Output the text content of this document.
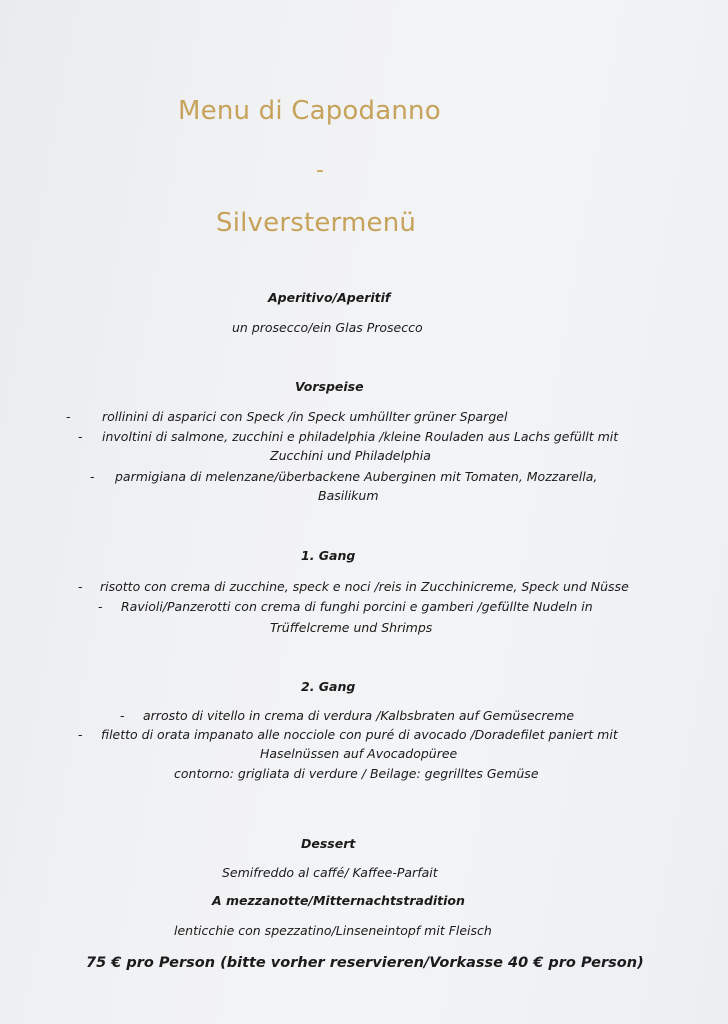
Menu di Capodanno
-
Silverstermenü
Aperitivo/Aperitif
un prosecco/ein Glas Prosecco
Vorspeise
-	rollinini di asparici con Speck /in Speck umhüllter grüner Spargel
- involtini di salmone, zucchini e philadelphia /kleine Rouladen aus Lachs gefüllt mit
Zucchini und Philadelphia
- parmigiana di melenzane/überbackene Auberginen mit Tomaten, Mozzarella,
Basilikum
1. Gang
- risotto con crema di zucchine, speck e noci /reis in Zucchinicreme, Speck und Nüsse
- Ravioli/Panzerotti con crema di funghi porcini e gamberi /gefüllte Nudeln in
Trüffelcreme und Shrimps
2. Gang
- arrosto di vitello in crema di verdura /Kalbsbraten auf Gemüsecreme
- filetto di orata impanato alle nocciole con puré di avocado /Doradefilet paniert mit
Haselnüssen auf Avocadopüree
contorno: grigliata di verdure / Beilage: gegrilltes Gemüse
Dessert
Semifreddo al caffé/ Kaffee-Parfait
A mezzanotte/Mitternachtstradition
lenticchie con spezzatino/Linseneintopf mit Fleisch
75 € pro Person (bitte vorher reservieren/Vorkasse 40 € pro Person)
